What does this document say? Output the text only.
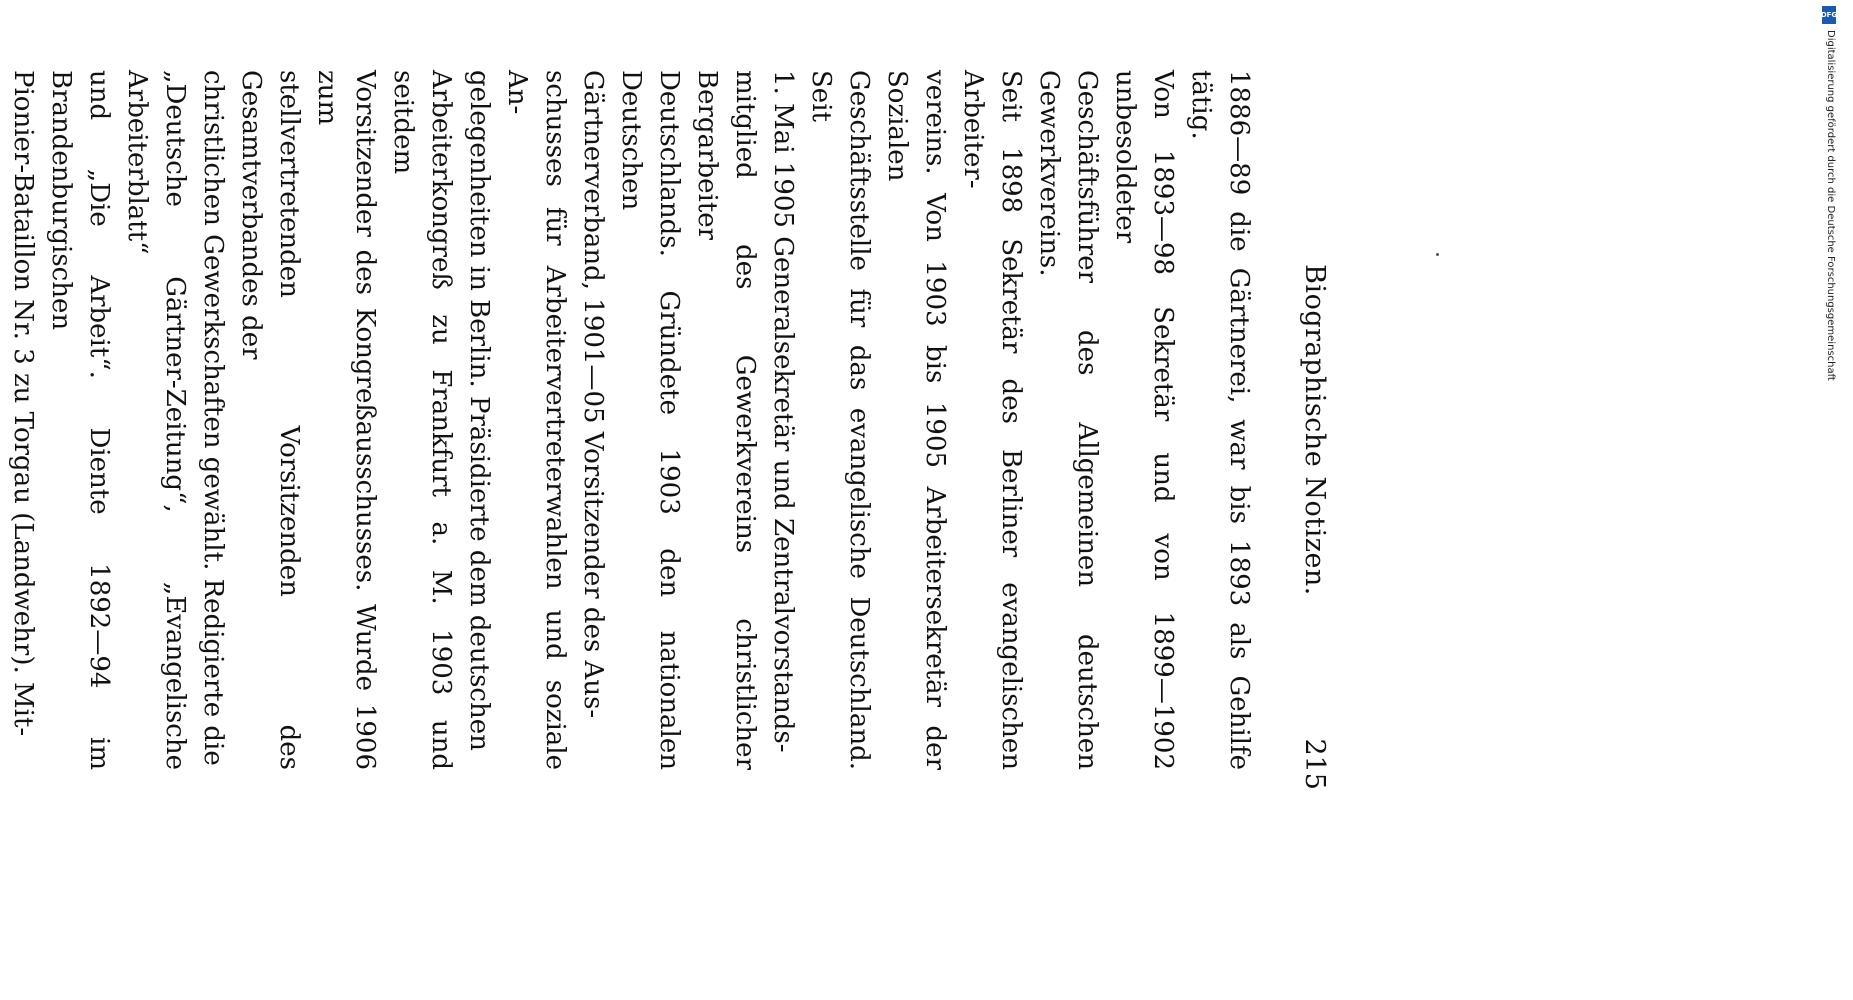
Biographische Notizen.
215

1886—89 die Gärtnerei, war bis 1893 als Gehilfe tätig.

Von 1893—98 Sekretär und von 1899—1902 unbesoldeter

Geschäftsführer des Allgemeinen deutschen Gewerkvereins.

Seit 1898 Sekretär des Berliner evangelischen Arbeiter-

vereins. Von 1903 bis 1905 Arbeitersekretär der Sozialen

Geschäftsstelle für das evangelische Deutschland. Seit

1. Mai 1905 Generalsekretär und Zentralvorstands-

mitglied des Gewerkvereins christlicher Bergarbeiter

Deutschlands. Gründete 1903 den nationalen Deutschen

Gärtnerverband, 1901—05 Vorsitzender des Aus-

schusses für Arbeitervertreterwahlen und soziale An-

gelegenheiten in Berlin. Präsidierte dem deutschen

Arbeiterkongreß zu Frankfurt a. M. 1903 und seitdem

Vorsitzender des Kongreßausschusses. Wurde 1906 zum

stellvertretenden Vorsitzenden des Gesamtverbandes der

christlichen Gewerkschaften gewählt. Redigierte die

„Deutsche Gärtner-Zeitung“, „Evangelische Arbeiterblatt“

und „Die Arbeit“. Diente 1892—94 im Brandenburgischen

Pionier-Bataillon Nr. 3 zu Torgau (Landwehr). Mit-

DFG
Digitalisierung gefördert durch die Deutsche Forschungsgemeinschaft
